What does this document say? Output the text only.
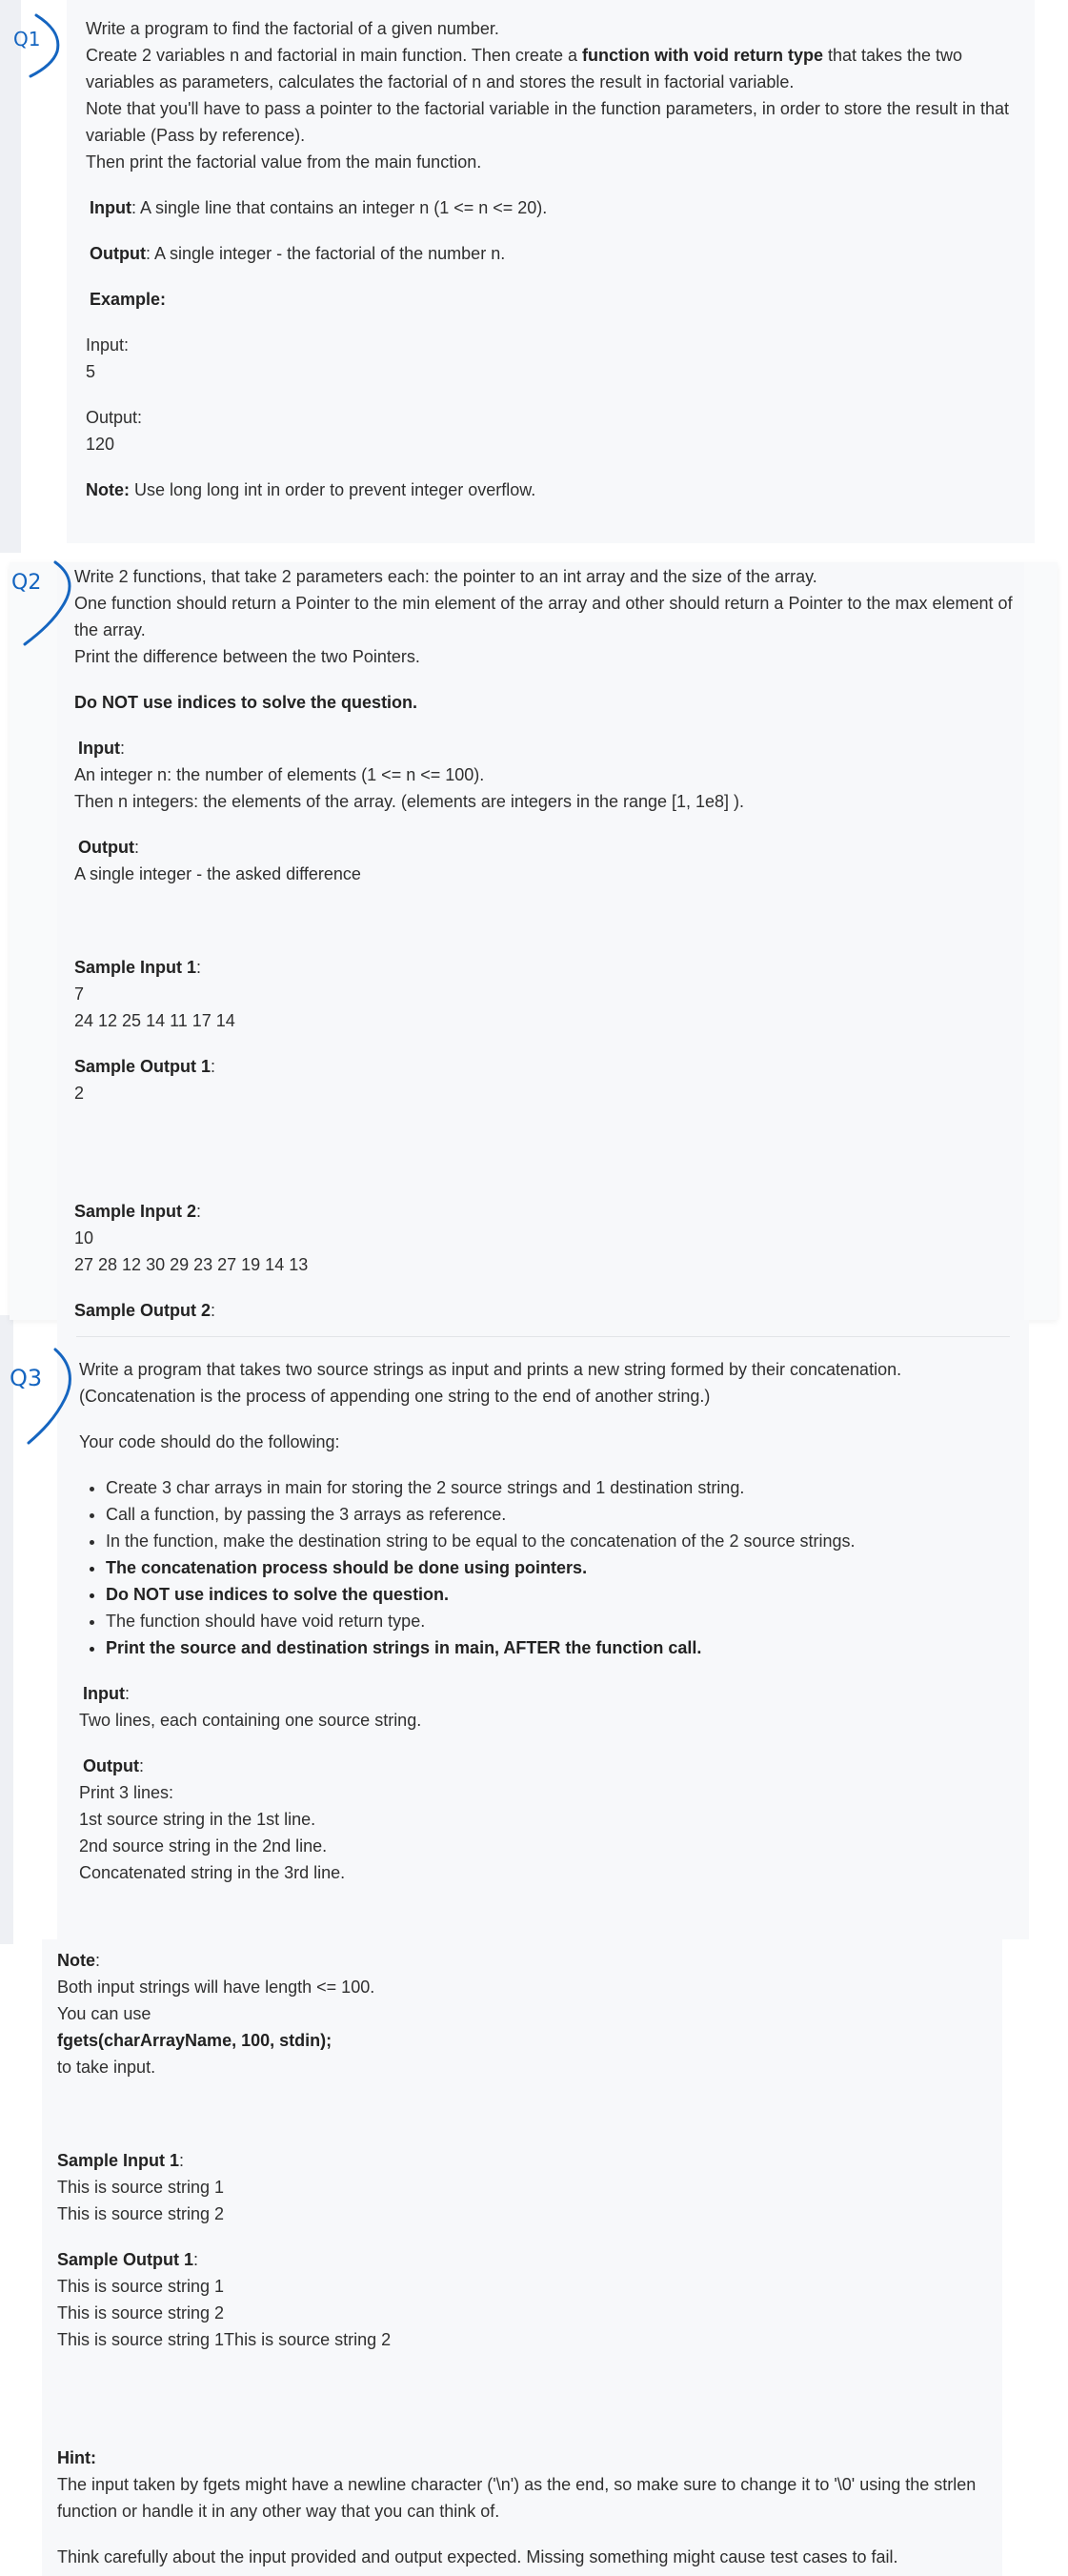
Q1	Write a program to find the factorial of a given number.

Create 2 variables n and factorial in main function. Then create a function with void return type that takes the two variables as parameters, calculates the factorial of n and stores the result in factorial variable.

Note that you'll have to pass a pointer to the factorial variable in the function parameters, in order to store the result in that variable (Pass by reference).

Then print the factorial value from the main function.

Input: A single line that contains an integer n (1 <= n <= 20).

Output: A single integer - the factorial of the number n.

Example:

Input:

5

Output:

120

Note: Use long long int in order to prevent integer overflow.

Q2 Write 2 functions, that take 2 parameters each: the pointer to an int array and the size of the array.

One function should return a Pointer to the min element of the array and other should return a Pointer to the max element of the array.

Print the difference between the two Pointers.

Do NOT use indices to solve the question.

Input:

An integer n: the number of elements (1 <= n <= 100).

Then n integers: the elements of the array. (elements are integers in the range [1, 1e8] ).

Output:

A single integer - the asked difference

Sample Input 1:

7

24 12 25 14 11 17 14

Sample Output 1:

2

Sample Input 2:

10

27 28 12 30 29 23 27 19 14 13

Sample Output 2:

Q3 Write a program that takes two source strings as input and prints a new string formed by their concatenation.

(Concatenation is the process of appending one string to the end of another string.)

Your code should do the following:

• Create 3 char arrays in main for storing the 2 source strings and 1 destination string.
• Call a function, by passing the 3 arrays as reference.
• In the function, make the destination string to be equal to the concatenation of the 2 source strings.
• The concatenation process should be done using pointers.
• Do NOT use indices to solve the question.
• The function should have void return type.
• Print the source and destination strings in main, AFTER the function call.

Input:

Two lines, each containing one source string.

Output:

Print 3 lines:

1st source string in the 1st line.

2nd source string in the 2nd line.

Concatenated string in the 3rd line.

Note:

Both input strings will have length <= 100.

You can use

fgets(charArrayName, 100, stdin);

to take input.

Sample Input 1:

This is source string 1

This is source string 2

Sample Output 1:

This is source string 1

This is source string 2

This is source string 1This is source string 2

Hint:

The input taken by fgets might have a newline character ('\n') as the end, so make sure to change it to '\0' using the strlen function or handle it in any other way that you can think of.

Think carefully about the input provided and output expected. Missing something might cause test cases to fail.
